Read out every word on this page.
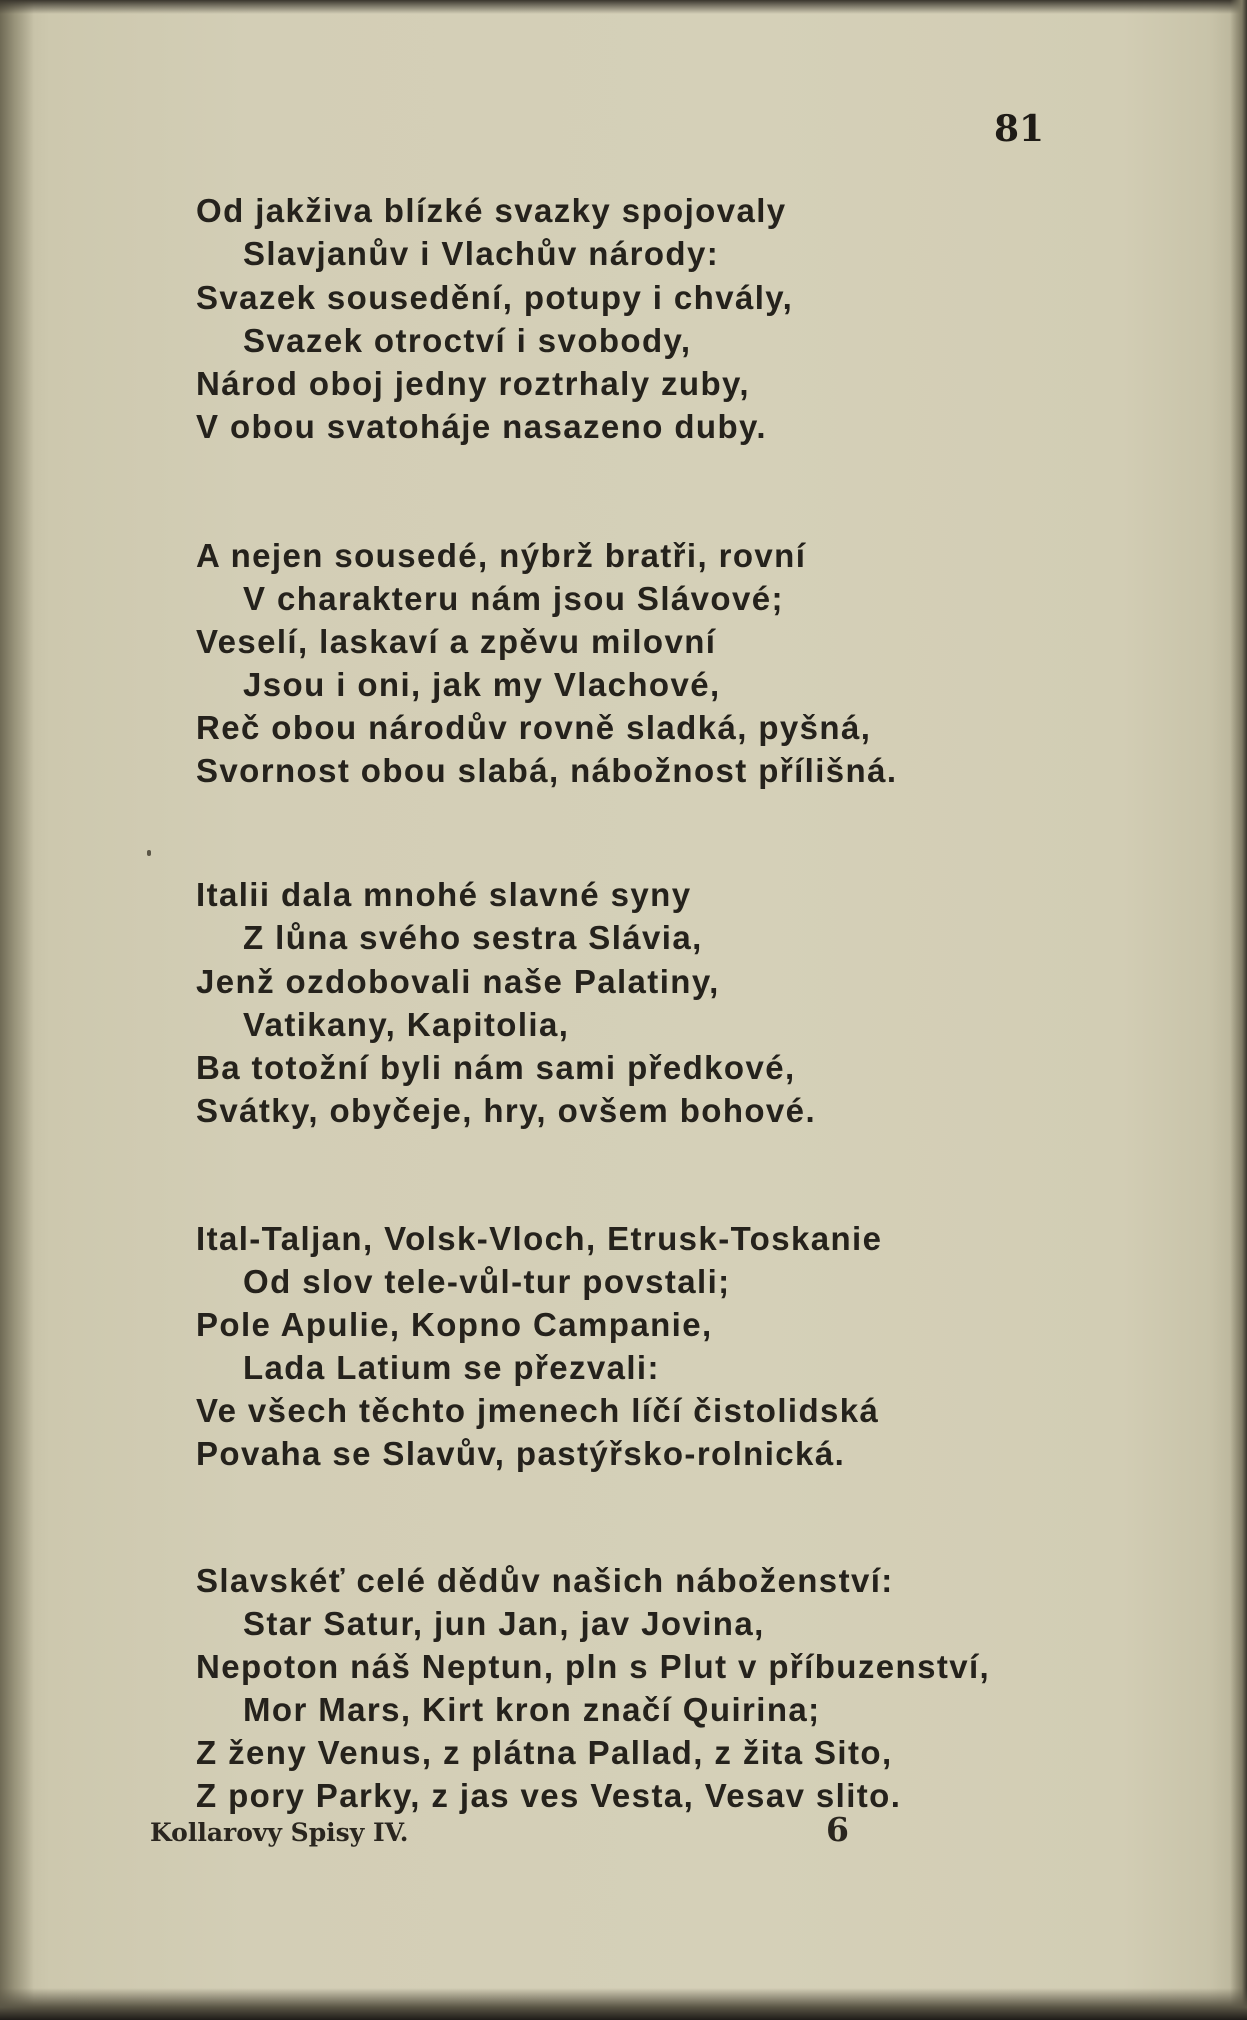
81
Od jakživa blízké svazky spojovaly
Slavjanův i Vlachův národy:
Svazek sousedění, potupy i chvály,
Svazek otroctví i svobody,
Národ oboj jedny roztrhaly zuby,
V obou svatoháje nasazeno duby.
A nejen sousedé, nýbrž bratři, rovní
V charakteru nám jsou Slávové;
Veselí, laskaví a zpěvu milovní
Jsou i oni, jak my Vlachové,
Reč obou národův rovně sladká, pyšná,
Svornost obou slabá, nábožnost přílišná.
Italii dala mnohé slavné syny
Z lůna svého sestra Slávia,
Jenž ozdobovali naše Palatiny,
Vatikany, Kapitolia,
Ba totožní byli nám sami předkové,
Svátky, obyčeje, hry, ovšem bohové.
Ital-Taljan, Volsk-Vloch, Etrusk-Toskanie
Od slov tele-vůl-tur povstali;
Pole Apulie, Kopno Campanie,
Lada Latium se přezvali:
Ve všech těchto jmenech líčí čistolidská
Povaha se Slavův, pastýřsko-rolnická.
Slavskéť celé dědův našich náboženství:
Star Satur, jun Jan, jav Jovina,
Nepoton náš Neptun, pln s Plut v příbuzenství,
Mor Mars, Kirt kron značí Quirina;
Z ženy Venus, z plátna Pallad, z žita Sito,
Z pory Parky, z jas ves Vesta, Vesav slito.
Kollarovy Spisy IV.	6
